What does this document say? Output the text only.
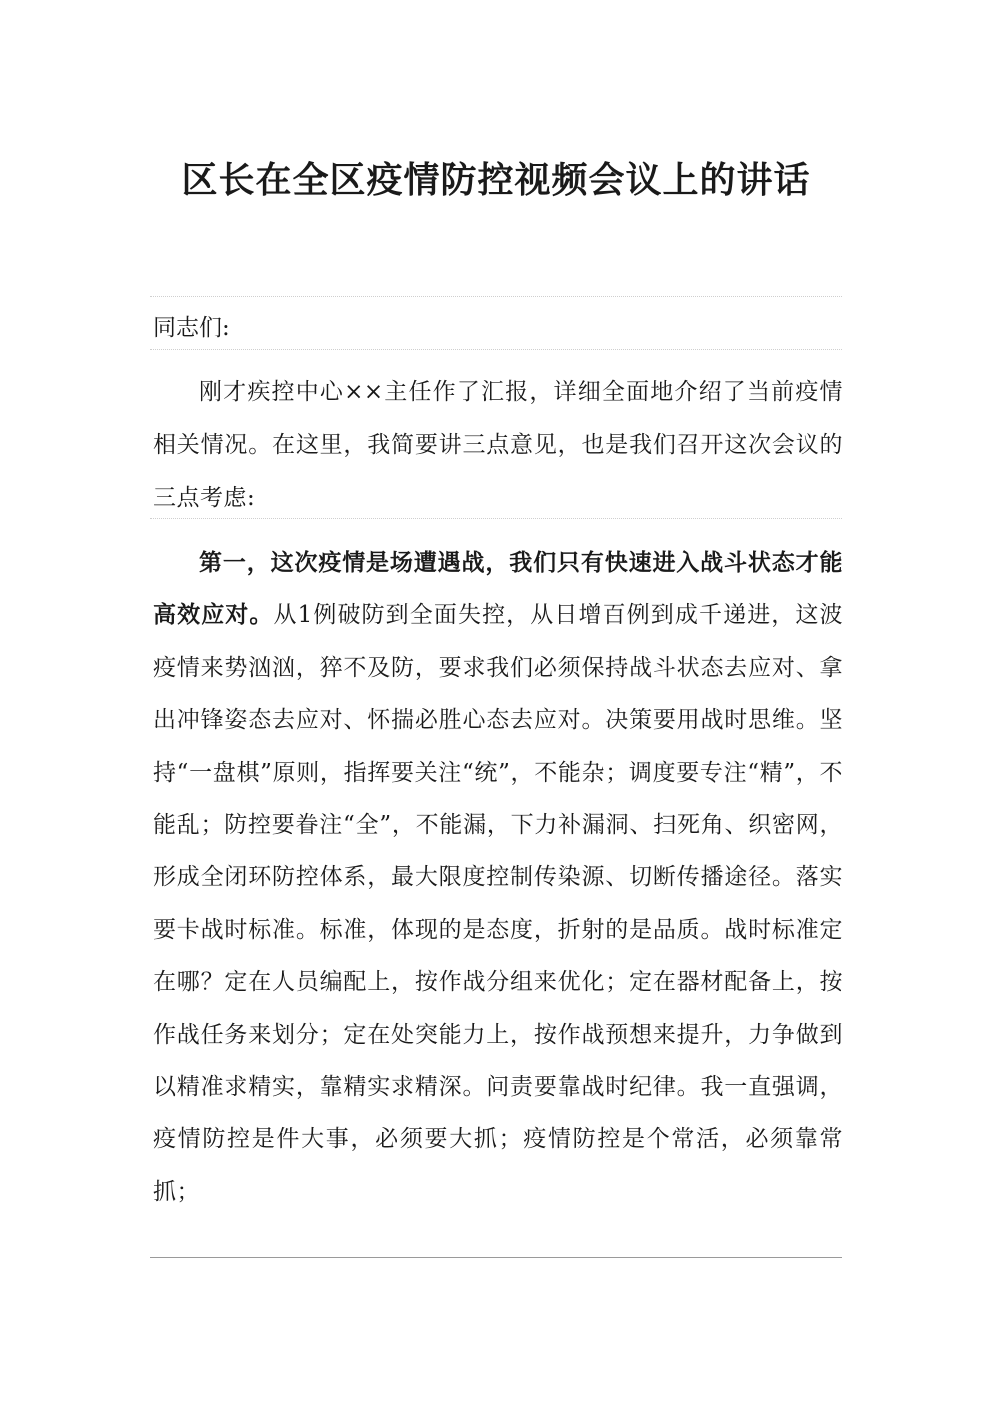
区长在全区疫情防控视频会议上的讲话

同志们:

刚才疾控中心××主任作了汇报，详细全面地介绍了当前疫情相关情况。在这里，我简要讲三点意见，也是我们召开这次会议的三点考虑:

第一，这次疫情是场遭遇战，我们只有快速进入战斗状态才能高效应对。从1例破防到全面失控，从日增百例到成千递进，这波疫情来势汹汹，猝不及防，要求我们必须保持战斗状态去应对、拿出冲锋姿态去应对、怀揣必胜心态去应对。决策要用战时思维。坚持“一盘棋”原则，指挥要关注“统”，不能杂；调度要专注“精”，不能乱；防控要眷注“全”，不能漏，下力补漏洞、扫死角、织密网，形成全闭环防控体系，最大限度控制传染源、切断传播途径。落实要卡战时标准。标准，体现的是态度，折射的是品质。战时标准定在哪？定在人员编配上，按作战分组来优化；定在器材配备上，按作战任务来划分；定在处突能力上，按作战预想来提升，力争做到以精准求精实，靠精实求精深。问责要靠战时纪律。我一直强调，疫情防控是件大事，必须要大抓；疫情防控是个常活，必须靠常抓；
